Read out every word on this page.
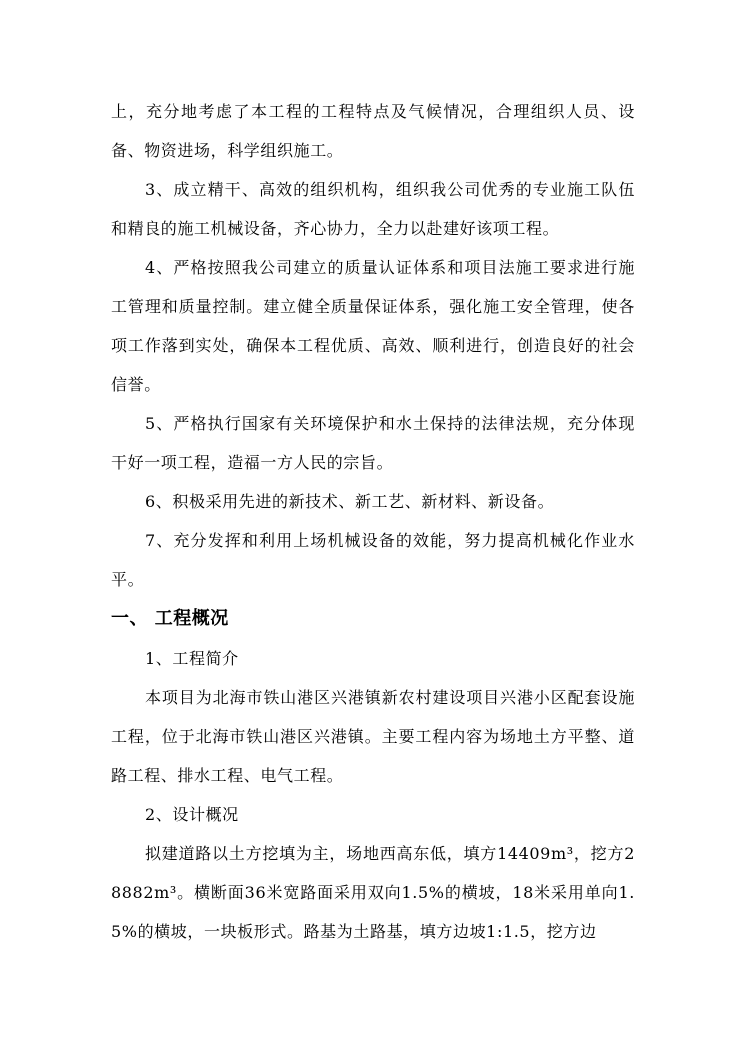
上，充分地考虑了本工程的工程特点及气候情况，合理组织人员、设备、物资进场，科学组织施工。

3、成立精干、高效的组织机构，组织我公司优秀的专业施工队伍和精良的施工机械设备，齐心协力，全力以赴建好该项工程。

4、严格按照我公司建立的质量认证体系和项目法施工要求进行施工管理和质量控制。建立健全质量保证体系，强化施工安全管理，使各项工作落到实处，确保本工程优质、高效、顺利进行，创造良好的社会信誉。

5、严格执行国家有关环境保护和水土保持的法律法规，充分体现干好一项工程，造福一方人民的宗旨。

6、积极采用先进的新技术、新工艺、新材料、新设备。

7、充分发挥和利用上场机械设备的效能，努力提高机械化作业水平。

一、 工程概况

1、工程简介

本项目为北海市铁山港区兴港镇新农村建设项目兴港小区配套设施工程，位于北海市铁山港区兴港镇。主要工程内容为场地土方平整、道路工程、排水工程、电气工程。

2、设计概况

拟建道路以土方挖填为主，场地西高东低，填方14409m³，挖方28882m³。横断面36米宽路面采用双向1.5%的横坡，18米采用单向1.5%的横坡，一块板形式。路基为土路基，填方边坡1:1.5，挖方边
